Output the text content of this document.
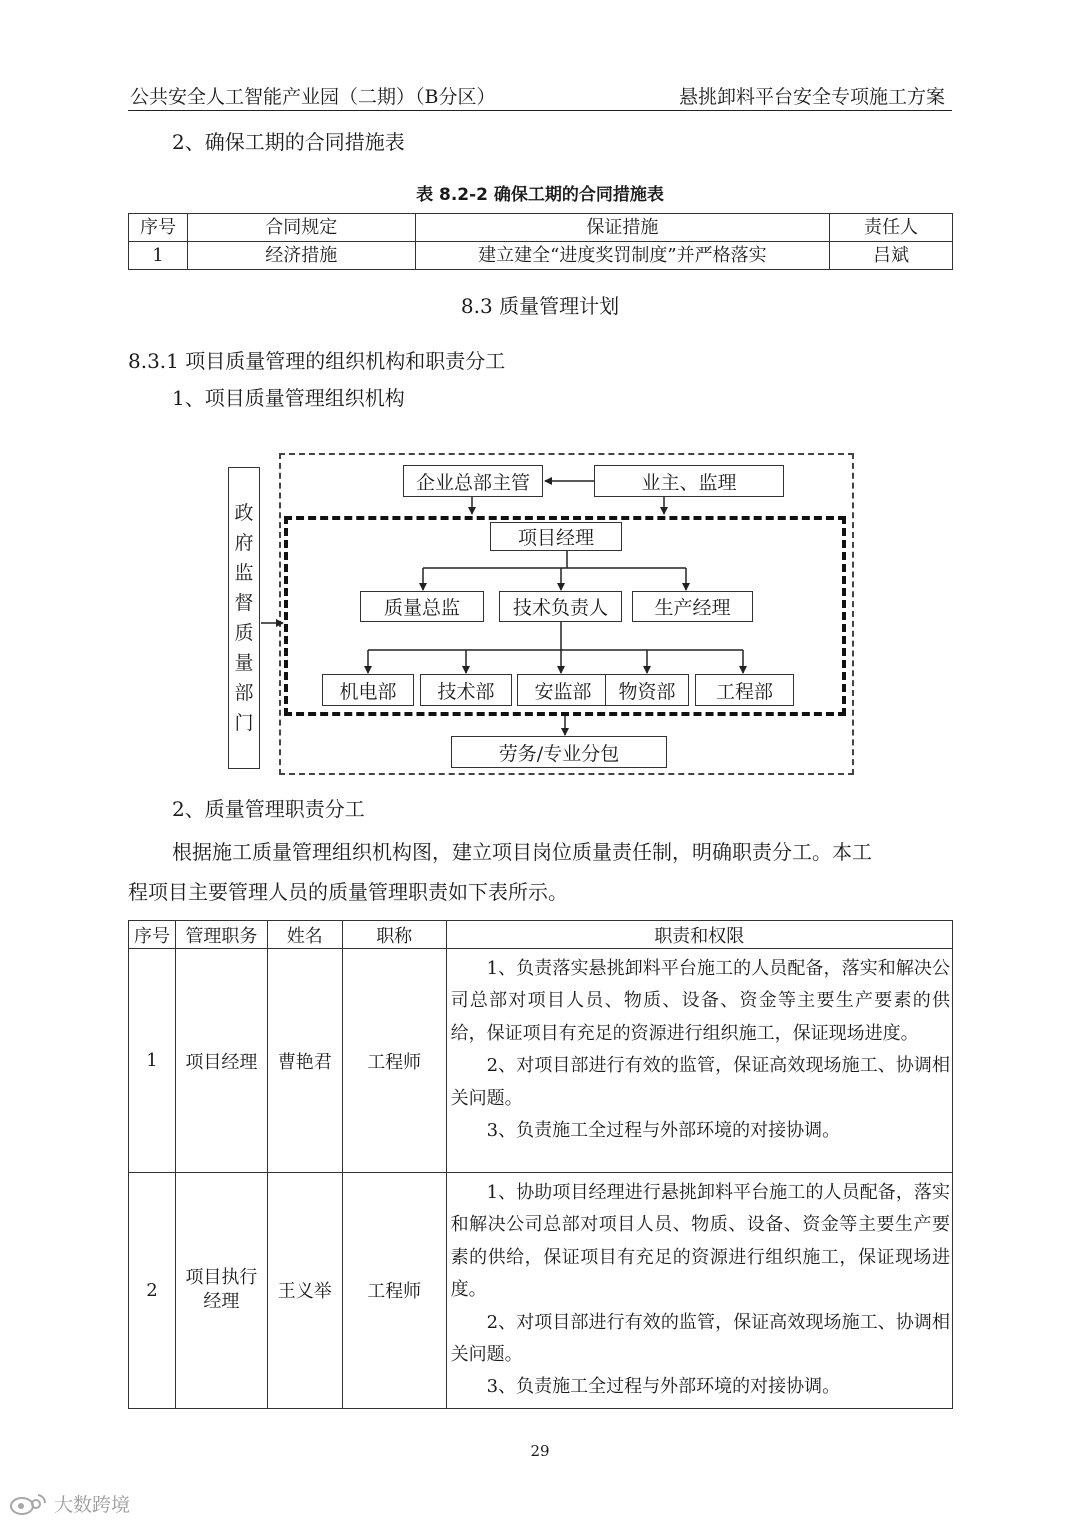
公共安全人工智能产业园（二期）（B分区）	悬挑卸料平台安全专项施工方案
2、确保工期的合同措施表
表 8.2-2 确保工期的合同措施表
序号	合同规定	保证措施	责任人
1	经济措施	建立建全“进度奖罚制度”并严格落实	吕斌
8.3 质量管理计划
8.3.1 项目质量管理的组织机构和职责分工
1、项目质量管理组织机构
政
府
监
督
质
量
部
门
企业总部主管	业主、监理
项目经理
质量总监	技术负责人	生产经理
机电部	技术部	安监部	物资部	工程部
劳务/专业分包
2、质量管理职责分工
根据施工质量管理组织机构图，建立项目岗位质量责任制，明确职责分工。本工
程项目主要管理人员的质量管理职责如下表所示。
序号	管理职务	姓名	职称	职责和权限
1	项目经理	曹艳君	工程师	1、负责落实悬挑卸料平台施工的人员配备，落实和解决公司总部对项目人员、物质、设备、资金等主要生产要素的供给，保证项目有充足的资源进行组织施工，保证现场进度。

2、对项目部进行有效的监管，保证高效现场施工、协调相关问题。

3、负责施工全过程与外部环境的对接协调。

2	项目执行经理	王义举	工程师	1、协助项目经理进行悬挑卸料平台施工的人员配备，落实和解决公司总部对项目人员、物质、设备、资金等主要生产要素的供给，保证项目有充足的资源进行组织施工，保证现场进度。

2、对项目部进行有效的监管，保证高效现场施工、协调相关问题。

3、负责施工全过程与外部环境的对接协调。

29
大数跨境
